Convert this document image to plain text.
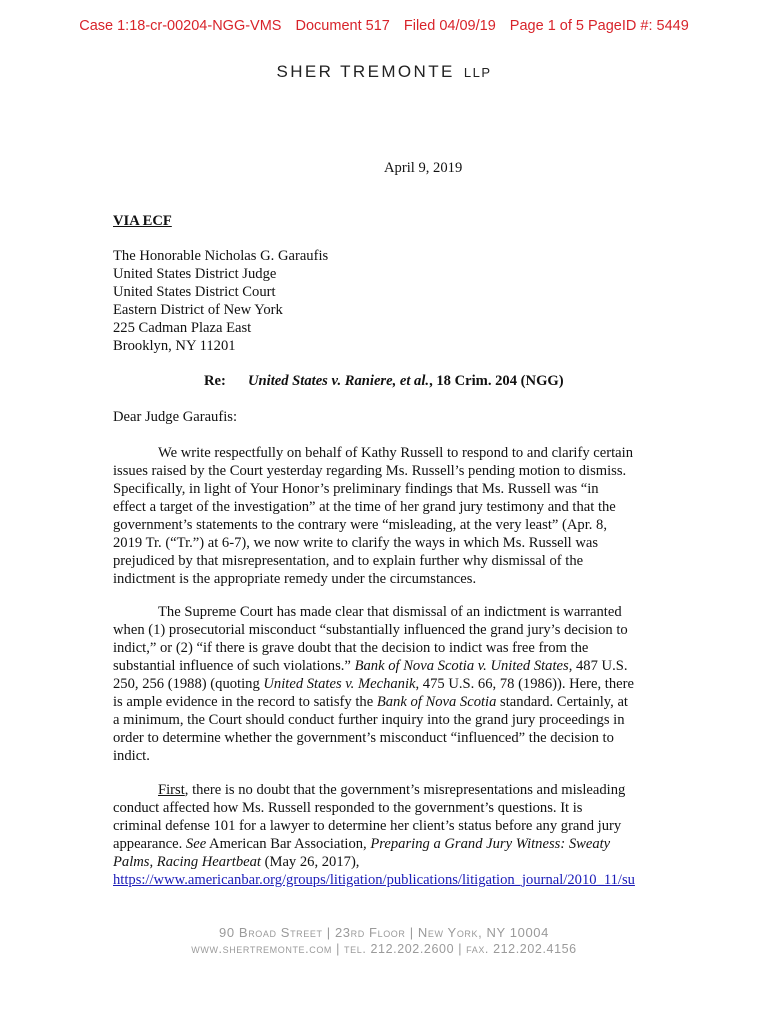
Case 1:18-cr-00204-NGG-VMS Document 517 Filed 04/09/19 Page 1 of 5 PageID #: 5449
SHER TREMONTE LLP
April 9, 2019
VIA ECF
The Honorable Nicholas G. Garaufis
United States District Judge
United States District Court
Eastern District of New York
225 Cadman Plaza East
Brooklyn, NY 11201
Re: United States v. Raniere, et al., 18 Crim. 204 (NGG)
Dear Judge Garaufis:
We write respectfully on behalf of Kathy Russell to respond to and clarify certain
issues raised by the Court yesterday regarding Ms. Russell’s pending motion to dismiss.
Specifically, in light of Your Honor’s preliminary findings that Ms. Russell was “in
effect a target of the investigation” at the time of her grand jury testimony and that the
government’s statements to the contrary were “misleading, at the very least” (Apr. 8,
2019 Tr. (“Tr.”) at 6-7), we now write to clarify the ways in which Ms. Russell was
prejudiced by that misrepresentation, and to explain further why dismissal of the
indictment is the appropriate remedy under the circumstances.
The Supreme Court has made clear that dismissal of an indictment is warranted
when (1) prosecutorial misconduct “substantially influenced the grand jury’s decision to
indict,” or (2) “if there is grave doubt that the decision to indict was free from the
substantial influence of such violations.” Bank of Nova Scotia v. United States, 487 U.S.
250, 256 (1988) (quoting United States v. Mechanik, 475 U.S. 66, 78 (1986)). Here, there
is ample evidence in the record to satisfy the Bank of Nova Scotia standard. Certainly, at
a minimum, the Court should conduct further inquiry into the grand jury proceedings in
order to determine whether the government’s misconduct “influenced” the decision to
indict.
First, there is no doubt that the government’s misrepresentations and misleading
conduct affected how Ms. Russell responded to the government’s questions. It is
criminal defense 101 for a lawyer to determine her client’s status before any grand jury
appearance. See American Bar Association, Preparing a Grand Jury Witness: Sweaty
Palms, Racing Heartbeat (May 26, 2017),
https://www.americanbar.org/groups/litigation/publications/litigation_journal/2010_11/su
90 Broad Street | 23rd Floor | New York, NY 10004
www.shertremonte.com | tel. 212.202.2600 | fax. 212.202.4156
